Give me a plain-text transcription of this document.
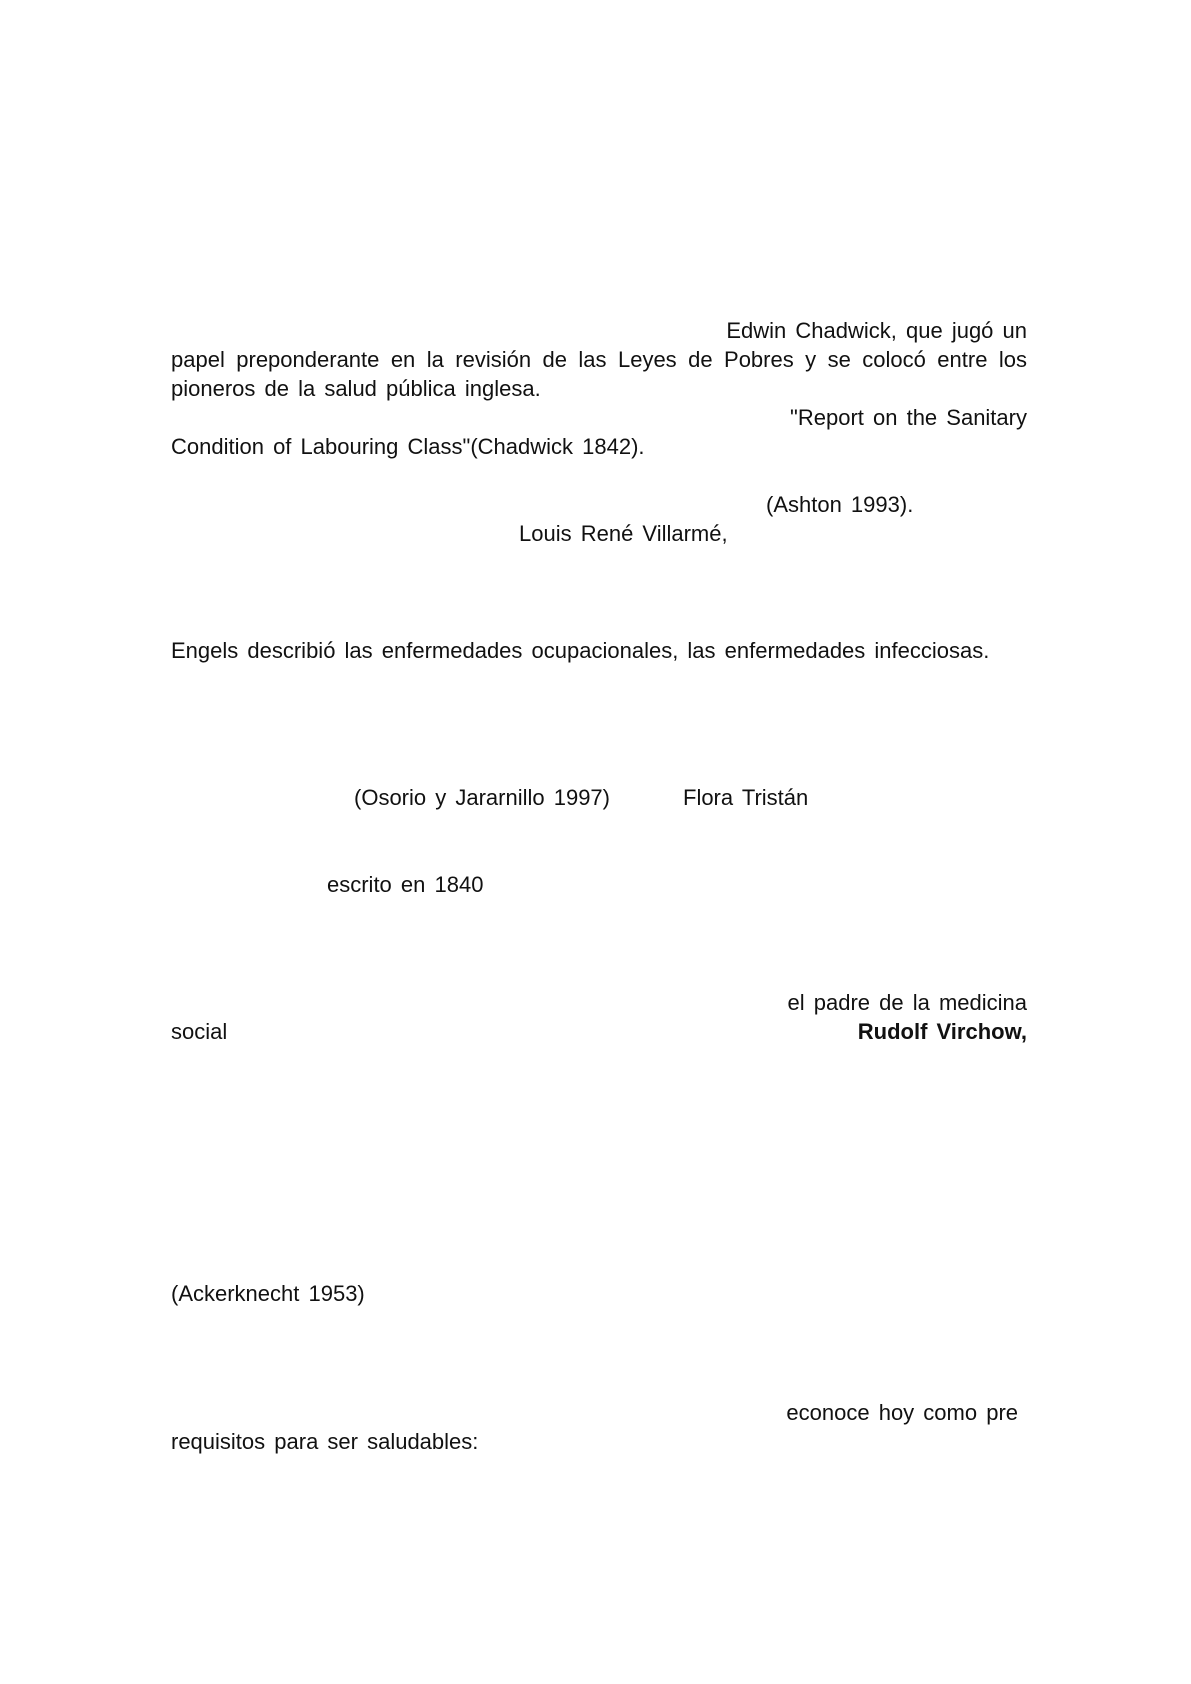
Edwin Chadwick, que jugó un
papel preponderante en la revisión de las Leyes de Pobres y se colocó entre los
pioneros de la salud pública inglesa.
"Report on the Sanitary
Condition of Labouring Class"(Chadwick 1842).
(Ashton 1993).
Louis René Villarmé,
Engels describió las enfermedades ocupacionales, las enfermedades infecciosas.
(Osorio y Jararnillo 1997)	Flora Tristán
escrito en 1840
el padre de la medicina
social	Rudolf Virchow,
(Ackerknecht 1953)
econoce hoy como pre
requisitos para ser saludables:
